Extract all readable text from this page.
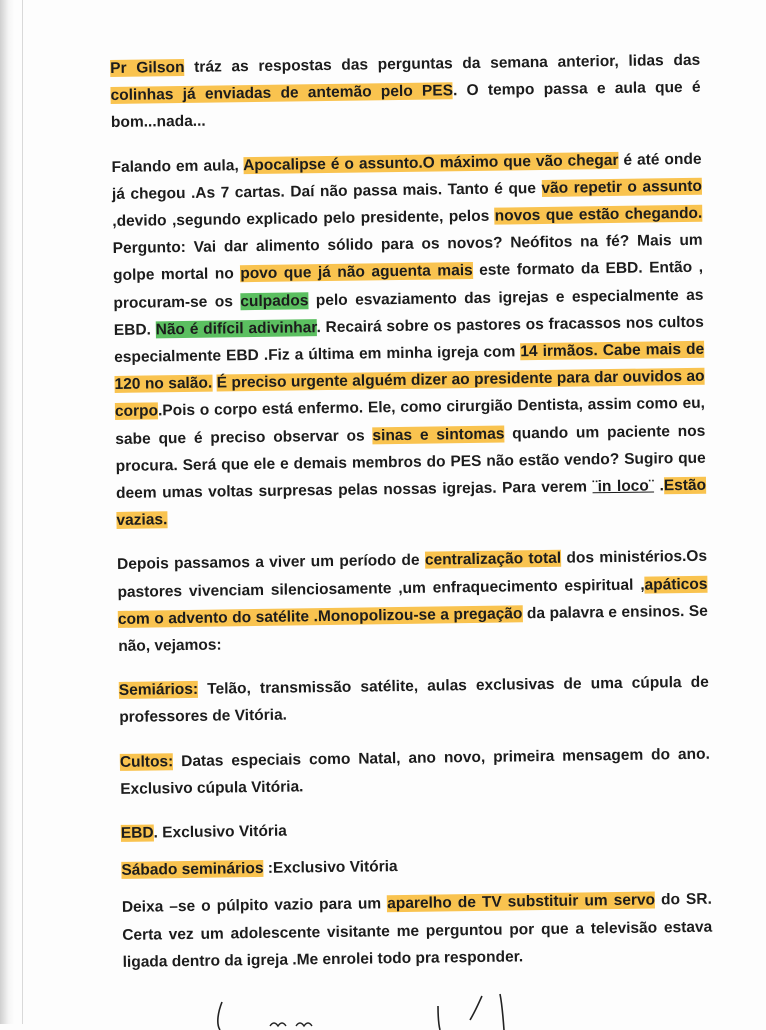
Pr Gilson tráz as respostas das perguntas da semana anterior, lidas das colinhas já enviadas de antemão pelo PES. O tempo passa e aula que é bom...nada...

Falando em aula, Apocalipse é o assunto.O máximo que vão chegar é até onde já chegou .As 7 cartas. Daí não passa mais. Tanto é que vão repetir o assunto ,devido ,segundo explicado pelo presidente, pelos novos que estão chegando. Pergunto: Vai dar alimento sólido para os novos? Neófitos na fé? Mais um golpe mortal no povo que já não aguenta mais este formato da EBD. Então , procuram-se os culpados pelo esvaziamento das igrejas e especialmente as EBD. Não é difícil adivinhar. Recairá sobre os pastores os fracassos nos cultos especialmente EBD .Fiz a última em minha igreja com 14 irmãos. Cabe mais de 120 no salão. É preciso urgente alguém dizer ao presidente para dar ouvidos ao corpo.Pois o corpo está enfermo. Ele, como cirurgião Dentista, assim como eu, sabe que é preciso observar os sinas e sintomas quando um paciente nos procura. Será que ele e demais membros do PES não estão vendo? Sugiro que deem umas voltas surpresas pelas nossas igrejas. Para verem ¨in loco¨ .Estão vazias.

Depois passamos a viver um período de centralização total dos ministérios.Os pastores vivenciam silenciosamente ,um enfraquecimento espiritual ,apáticos com o advento do satélite .Monopolizou-se a pregação da palavra e ensinos. Se não, vejamos:

Semiários: Telão, transmissão satélite, aulas exclusivas de uma cúpula de professores de Vitória.

Cultos: Datas especiais como Natal, ano novo, primeira mensagem do ano. Exclusivo cúpula Vitória.

EBD. Exclusivo Vitória

Sábado seminários :Exclusivo Vitória

Deixa –se o púlpito vazio para um aparelho de TV substituir um servo do SR. Certa vez um adolescente visitante me perguntou por que a televisão estava ligada dentro da igreja .Me enrolei todo pra responder.
